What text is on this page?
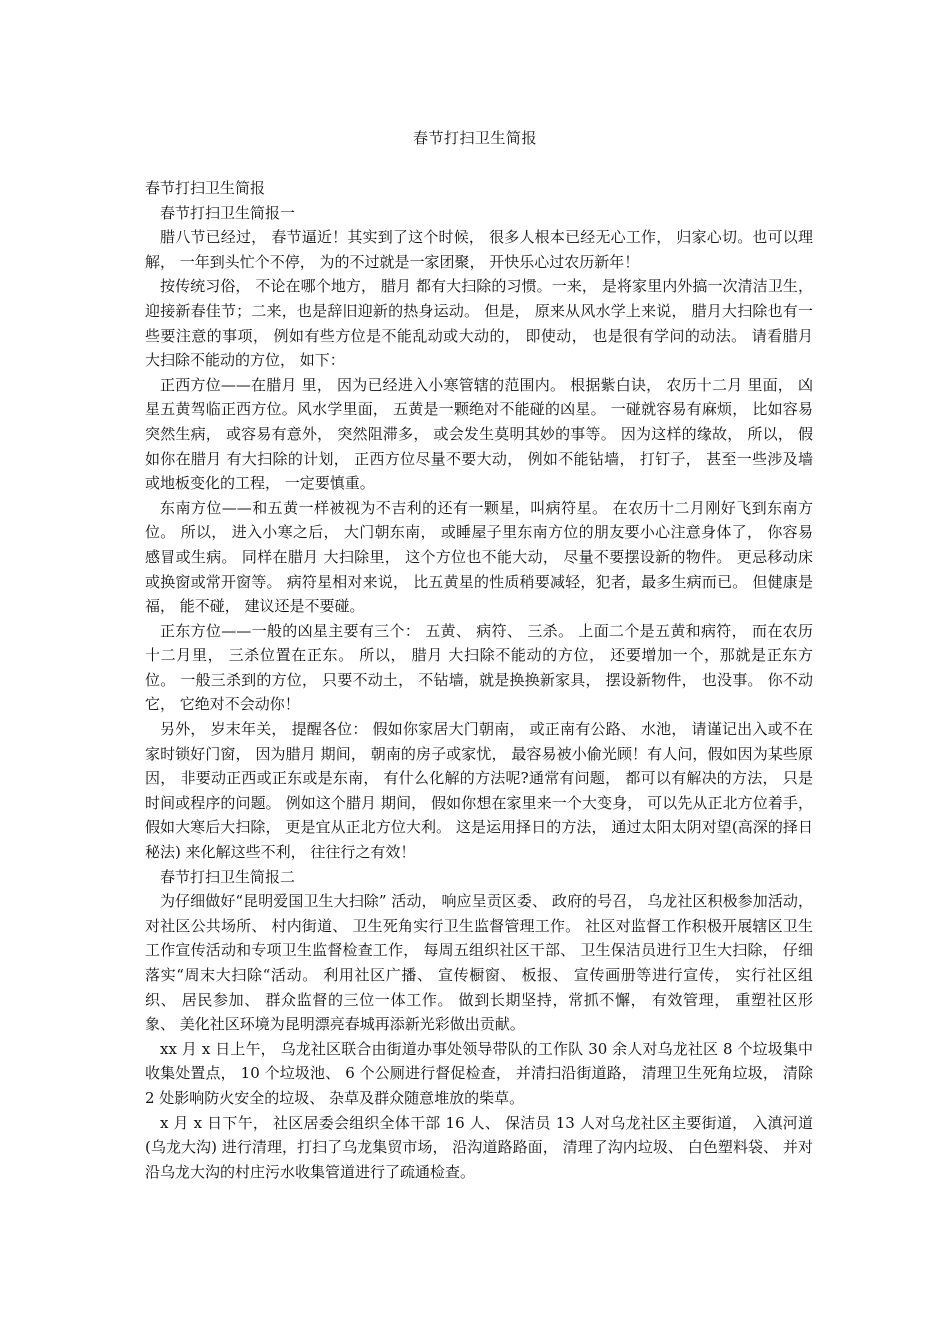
春节打扫卫生简报

春节打扫卫生简报

春节打扫卫生简报一

腊八节已经过， 春节逼近！其实到了这个时候， 很多人根本已经无心工作， 归家心切。也可以理解， 一年到头忙个不停， 为的不过就是一家团聚， 开快乐心过农历新年！

按传统习俗， 不论在哪个地方， 腊月 都有大扫除的习惯。一来， 是将家里内外搞一次清洁卫生， 迎接新春佳节；二来，也是辞旧迎新的热身运动。 但是， 原来从风水学上来说， 腊月大扫除也有一些要注意的事项， 例如有些方位是不能乱动或大动的， 即使动， 也是很有学问的动法。 请看腊月 大扫除不能动的方位， 如下：

正西方位——在腊月 里， 因为已经进入小寒管辖的范围内。 根据紫白诀， 农历十二月 里面， 凶星五黄驾临正西方位。风水学里面， 五黄是一颗绝对不能碰的凶星。 一碰就容易有麻烦， 比如容易突然生病， 或容易有意外， 突然阻滞多， 或会发生莫明其妙的事等。 因为这样的缘故， 所以， 假如你在腊月 有大扫除的计划， 正西方位尽量不要大动， 例如不能钻墙， 打钉子， 甚至一些涉及墙或地板变化的工程， 一定要慎重。

东南方位——和五黄一样被视为不吉利的还有一颗星，叫病符星。 在农历十二月刚好飞到东南方位。 所以， 进入小寒之后， 大门朝东南， 或睡屋子里东南方位的朋友要小心注意身体了， 你容易感冒或生病。 同样在腊月 大扫除里， 这个方位也不能大动， 尽量不要摆设新的物件。 更忌移动床或换窗或常开窗等。 病符星相对来说， 比五黄星的性质稍要减轻，犯者，最多生病而已。 但健康是福， 能不碰， 建议还是不要碰。

正东方位——一般的凶星主要有三个： 五黄、 病符、 三杀。 上面二个是五黄和病符， 而在农历十二月里， 三杀位置在正东。 所以， 腊月 大扫除不能动的方位， 还要增加一个，那就是正东方位。 一般三杀到的方位， 只要不动土， 不钻墙，就是换换新家具， 摆设新物件， 也没事。 你不动它， 它绝对不会动你！

另外， 岁末年关， 提醒各位： 假如你家居大门朝南， 或正南有公路、 水池， 请谨记出入或不在家时锁好门窗， 因为腊月 期间， 朝南的房子或家忧， 最容易被小偷光顾！有人问，假如因为某些原因， 非要动正西或正东或是东南， 有什么化解的方法呢?通常有问题， 都可以有解决的方法， 只是时间或程序的问题。 例如这个腊月 期间， 假如你想在家里来一个大变身， 可以先从正北方位着手， 假如大寒后大扫除， 更是宜从正北方位大利。 这是运用择日的方法， 通过太阳太阴对望(高深的择日秘法) 来化解这些不利， 往往行之有效！

春节打扫卫生简报二

为仔细做好“昆明爱国卫生大扫除” 活动， 响应呈贡区委、 政府的号召， 乌龙社区积极参加活动， 对社区公共场所、 村内街道、 卫生死角实行卫生监督管理工作。 社区对监督工作积极开展辖区卫生工作宣传活动和专项卫生监督检查工作， 每周五组织社区干部、 卫生保洁员进行卫生大扫除， 仔细落实“周末大扫除“活动。 利用社区广播、 宣传橱窗、 板报、 宣传画册等进行宣传， 实行社区组织、 居民参加、 群众监督的三位一体工作。 做到长期坚持，常抓不懈， 有效管理， 重塑社区形象、 美化社区环境为昆明漂亮春城再添新光彩做出贡献。

xx 月 x 日上午， 乌龙社区联合由街道办事处领导带队的工作队 30 余人对乌龙社区 8 个垃圾集中收集处置点， 10 个垃圾池、 6 个公厕进行督促检查， 并清扫沿街道路， 清理卫生死角垃圾， 清除 2 处影响防火安全的垃圾、 杂草及群众随意堆放的柴草。

x 月 x 日下午， 社区居委会组织全体干部 16 人、 保洁员 13 人对乌龙社区主要街道， 入滇河道(乌龙大沟) 进行清理，打扫了乌龙集贸市场， 沿沟道路路面， 清理了沟内垃圾、 白色塑料袋、 并对沿乌龙大沟的村庄污水收集管道进行了疏通检查。
